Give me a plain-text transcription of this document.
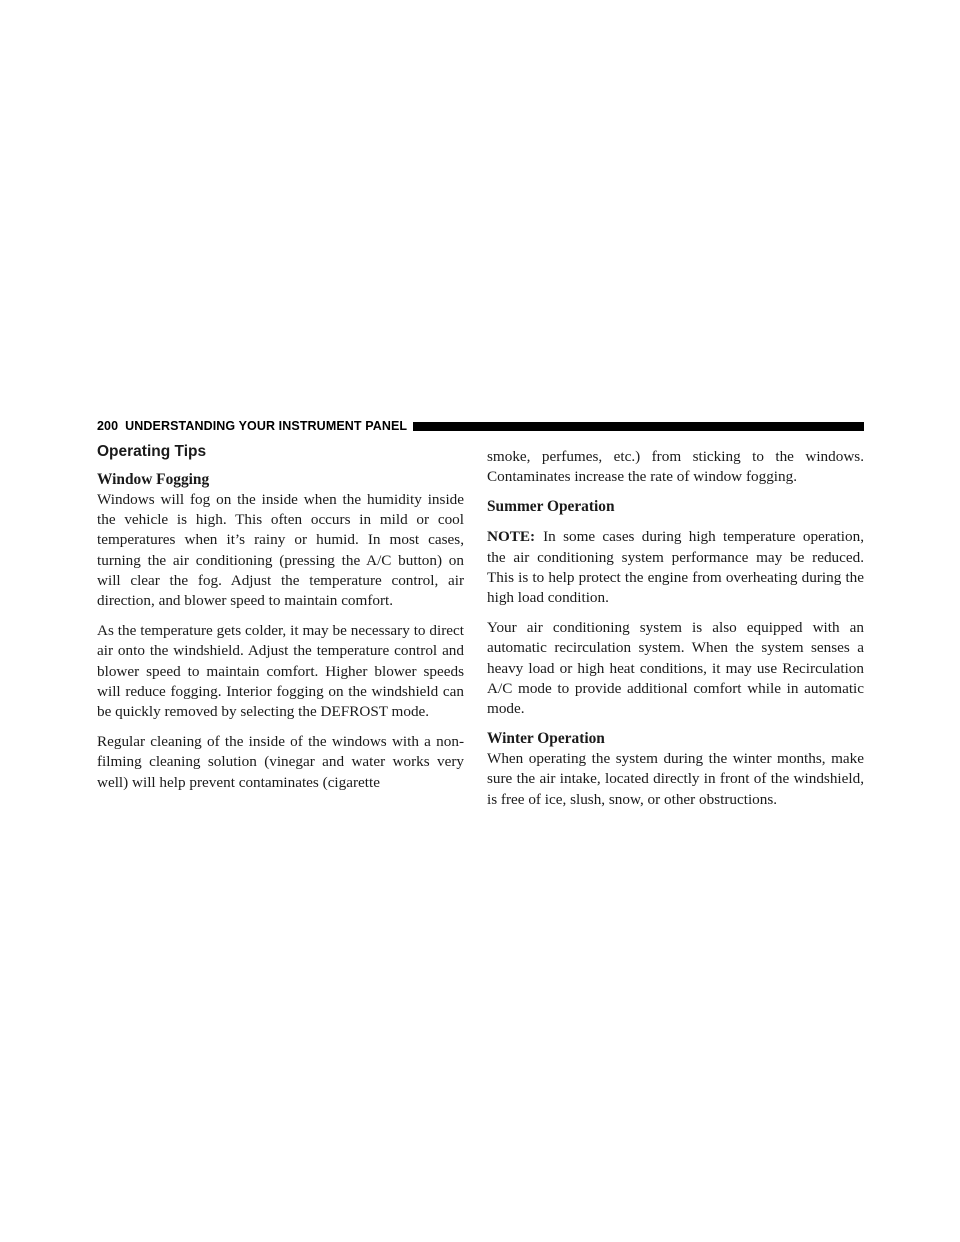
200 UNDERSTANDING YOUR INSTRUMENT PANEL
Operating Tips
Window Fogging

Windows will fog on the inside when the humidity inside the vehicle is high. This often occurs in mild or cool temperatures when it’s rainy or humid. In most cases, turning the air conditioning (pressing the A/C button) on will clear the fog. Adjust the temperature control, air direction, and blower speed to maintain comfort.

As the temperature gets colder, it may be necessary to direct air onto the windshield. Adjust the temperature control and blower speed to maintain comfort. Higher blower speeds will reduce fogging. Interior fogging on the windshield can be quickly removed by selecting the DEFROST mode.

Regular cleaning of the inside of the windows with a non-filming cleaning solution (vinegar and water works very well) will help prevent contaminates (cigarette

smoke, perfumes, etc.) from sticking to the windows. Contaminates increase the rate of window fogging.

Summer Operation

NOTE: In some cases during high temperature operation, the air conditioning system performance may be reduced. This is to help protect the engine from overheating during the high load condition.

Your air conditioning system is also equipped with an automatic recirculation system. When the system senses a heavy load or high heat conditions, it may use Recirculation A/C mode to provide additional comfort while in automatic mode.

Winter Operation

When operating the system during the winter months, make sure the air intake, located directly in front of the windshield, is free of ice, slush, snow, or other obstructions.
